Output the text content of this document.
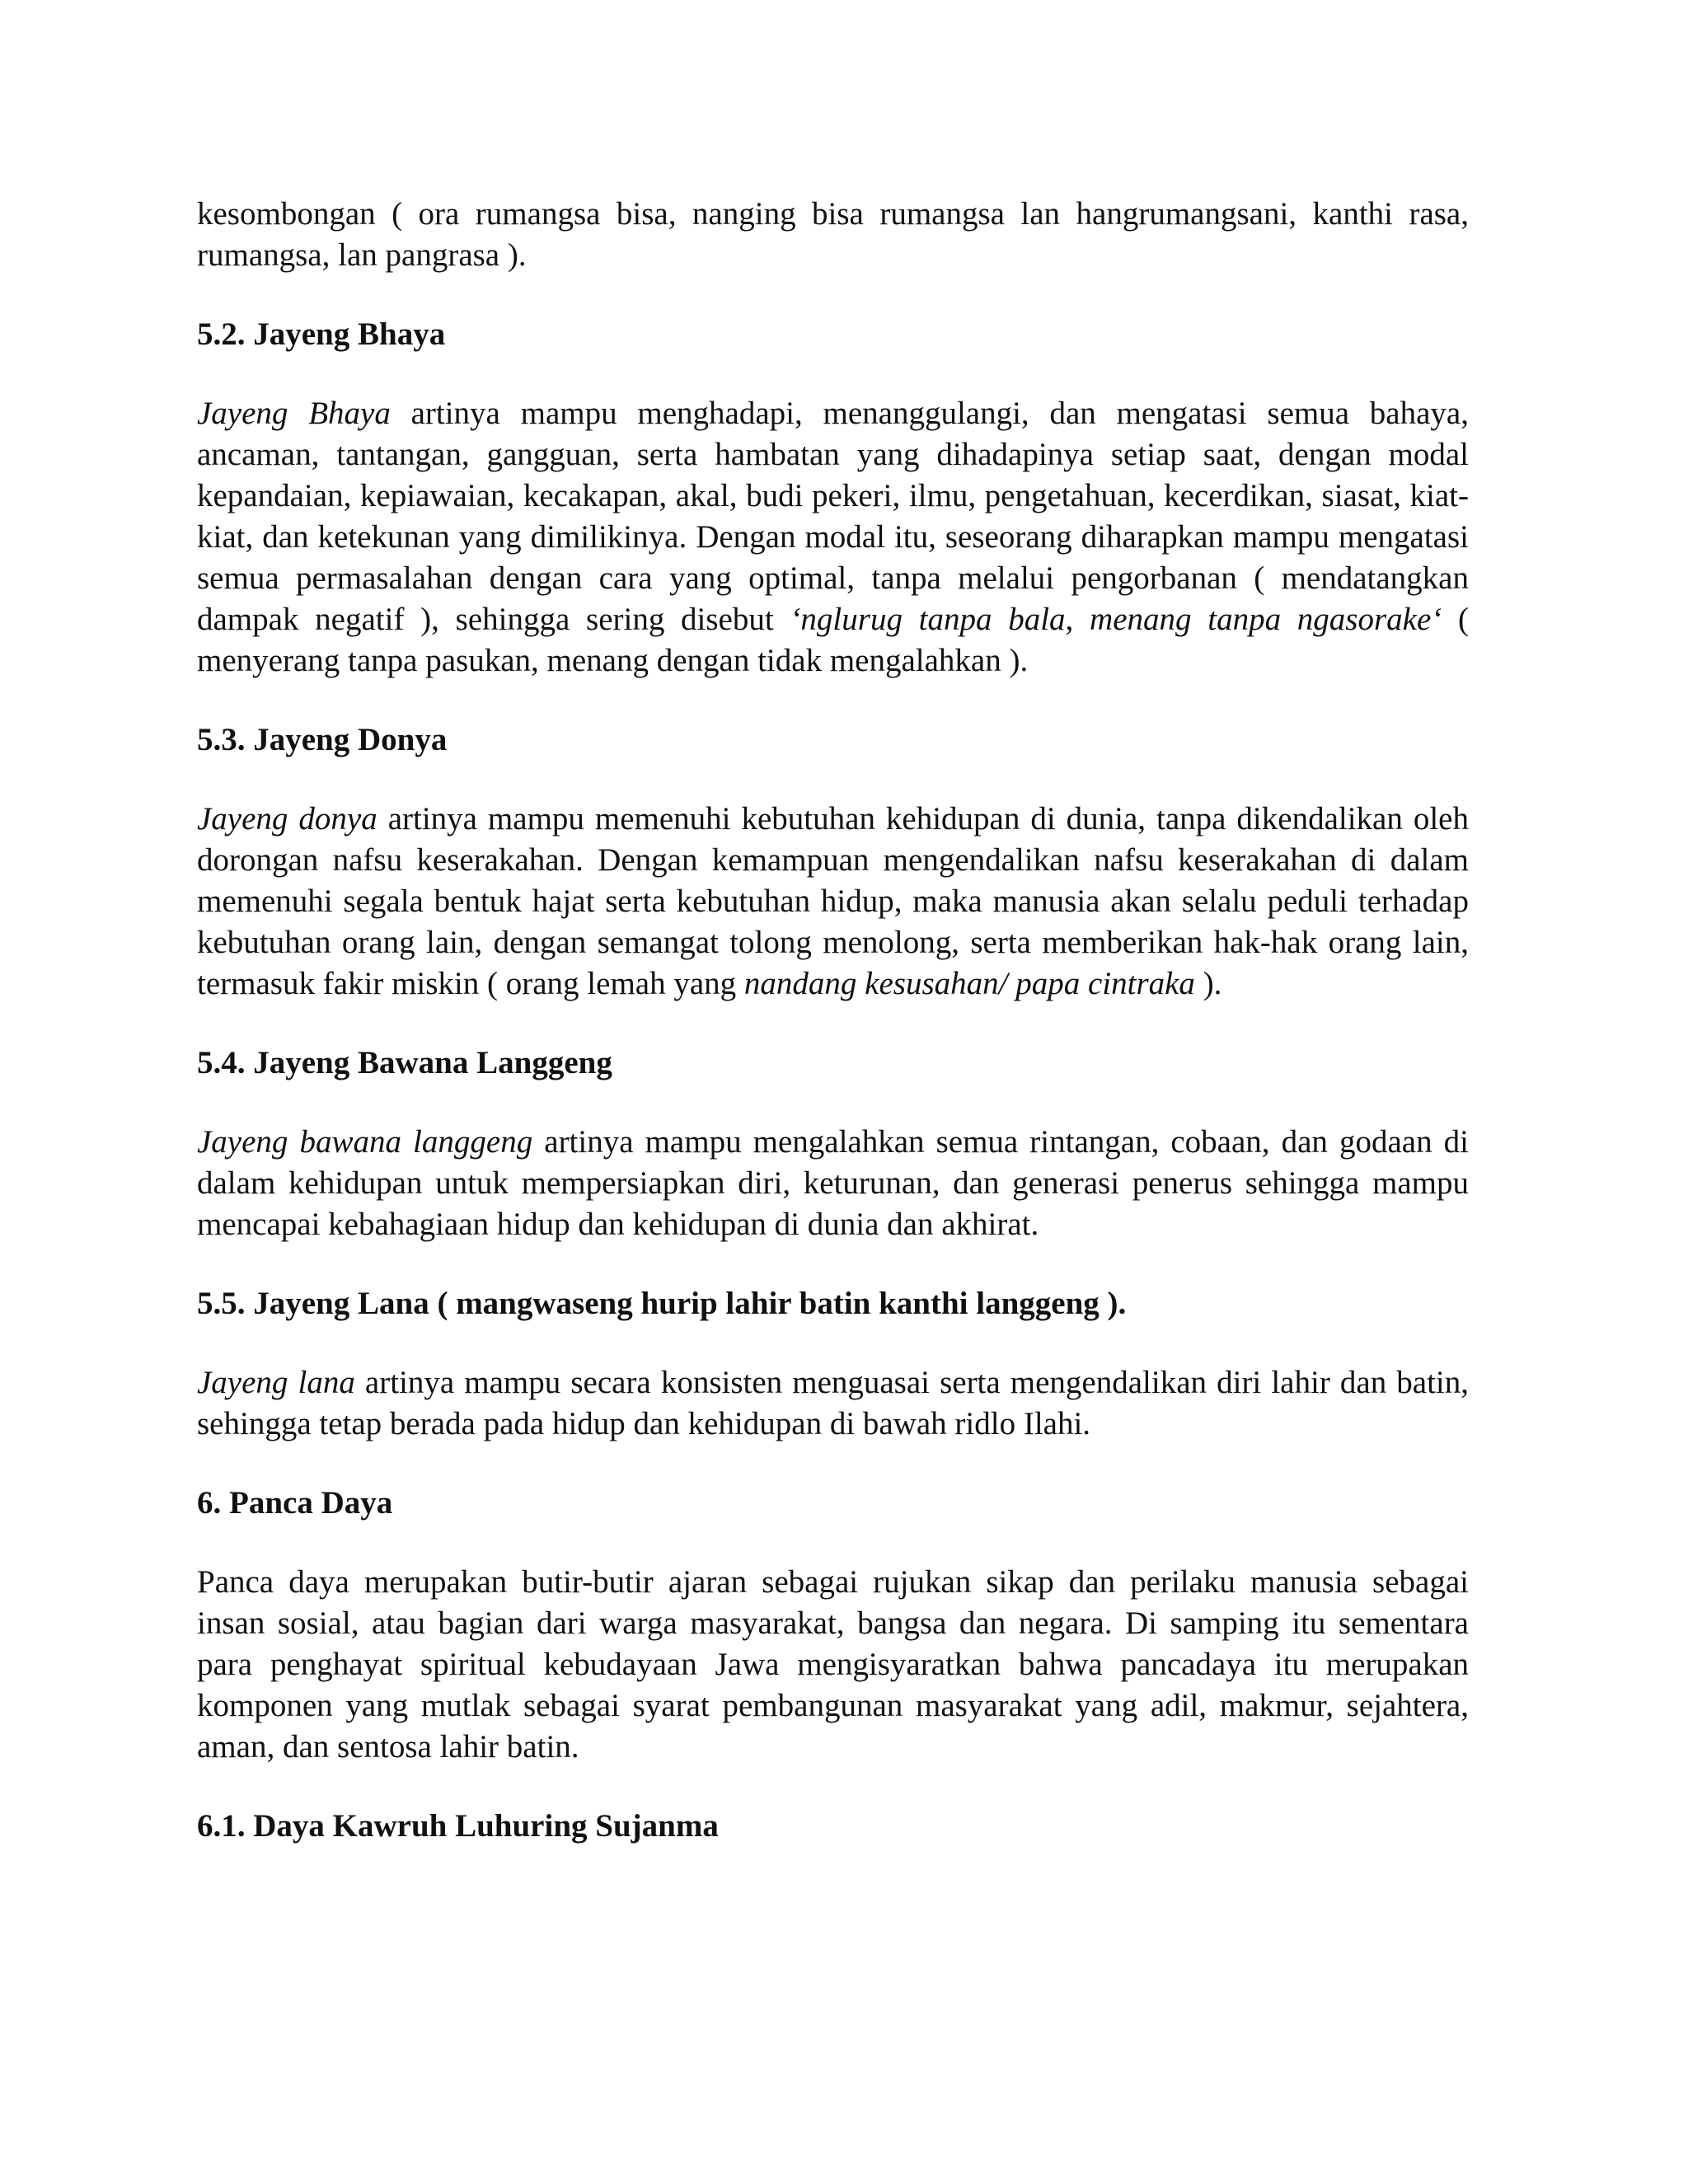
kesombongan ( ora rumangsa bisa, nanging bisa rumangsa lan hangrumangsani, kanthi rasa, rumangsa, lan pangrasa ).

5.2. Jayeng Bhaya

Jayeng Bhaya artinya mampu menghadapi, menanggulangi, dan mengatasi semua bahaya, ancaman, tantangan, gangguan, serta hambatan yang dihadapinya setiap saat, dengan modal kepandaian, kepiawaian, kecakapan, akal, budi pekeri, ilmu, pengetahuan, kecerdikan, siasat, kiat-kiat, dan ketekunan yang dimilikinya. Dengan modal itu, seseorang diharapkan mampu mengatasi semua permasalahan dengan cara yang optimal, tanpa melalui pengorbanan ( mendatangkan dampak negatif ), sehingga sering disebut ‘nglurug tanpa bala, menang tanpa ngasorake‘ ( menyerang tanpa pasukan, menang dengan tidak mengalahkan ).

5.3. Jayeng Donya

Jayeng donya artinya mampu memenuhi kebutuhan kehidupan di dunia, tanpa dikendalikan oleh dorongan nafsu keserakahan. Dengan kemampuan mengendalikan nafsu keserakahan di dalam memenuhi segala bentuk hajat serta kebutuhan hidup, maka manusia akan selalu peduli terhadap kebutuhan orang lain, dengan semangat tolong menolong, serta memberikan hak-hak orang lain, termasuk fakir miskin ( orang lemah yang nandang kesusahan/ papa cintraka ).

5.4. Jayeng Bawana Langgeng

Jayeng bawana langgeng artinya mampu mengalahkan semua rintangan, cobaan, dan godaan di dalam kehidupan untuk mempersiapkan diri, keturunan, dan generasi penerus sehingga mampu mencapai kebahagiaan hidup dan kehidupan di dunia dan akhirat.

5.5. Jayeng Lana ( mangwaseng hurip lahir batin kanthi langgeng ).

Jayeng lana artinya mampu secara konsisten menguasai serta mengendalikan diri lahir dan batin, sehingga tetap berada pada hidup dan kehidupan di bawah ridlo Ilahi.

6. Panca Daya

Panca daya merupakan butir-butir ajaran sebagai rujukan sikap dan perilaku manusia sebagai insan sosial, atau bagian dari warga masyarakat, bangsa dan negara. Di samping itu sementara para penghayat spiritual kebudayaan Jawa mengisyaratkan bahwa pancadaya itu merupakan komponen yang mutlak sebagai syarat pembangunan masyarakat yang adil, makmur, sejahtera, aman, dan sentosa lahir batin.

6.1. Daya Kawruh Luhuring Sujanma
